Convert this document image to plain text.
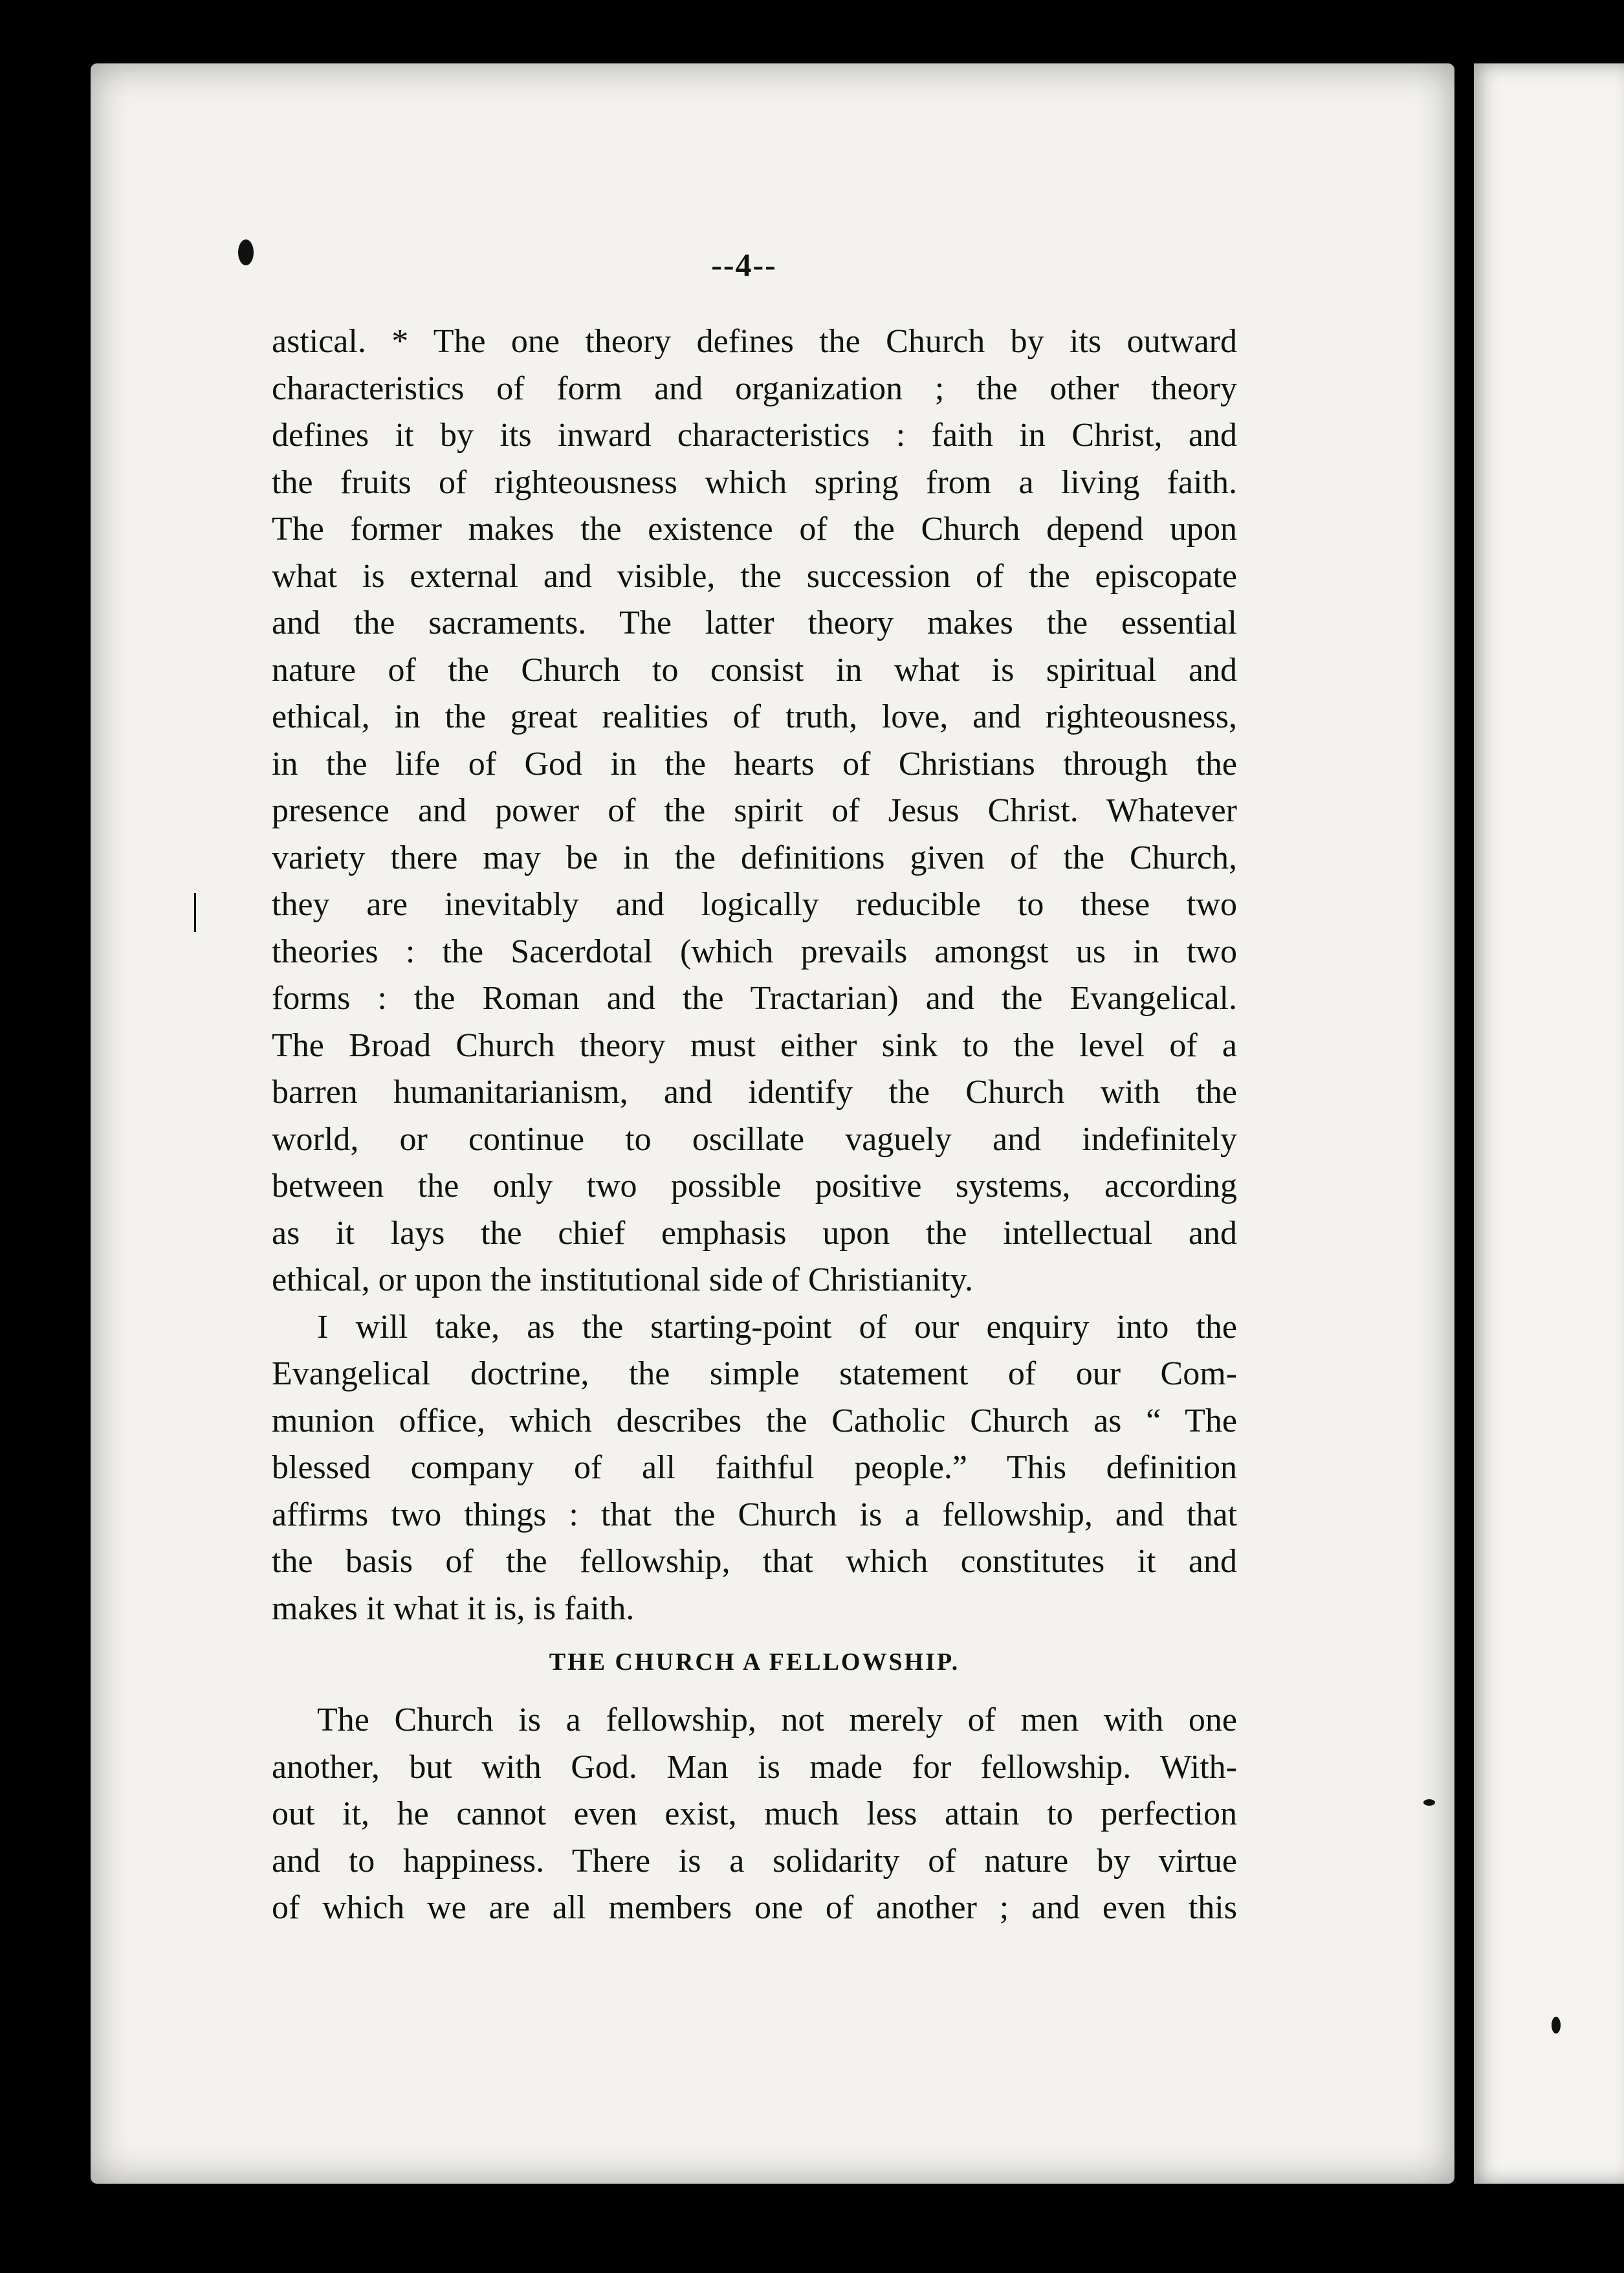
--4--
astical. * The one theory defines the Church by its outward
characteristics of form and organization ; the other theory
defines it by its inward characteristics : faith in Christ, and
the fruits of righteousness which spring from a living faith.
The former makes the existence of the Church depend upon
what is external and visible, the succession of the episcopate
and the sacraments. The latter theory makes the essential
nature of the Church to consist in what is spiritual and
ethical, in the great realities of truth, love, and righteousness,
in the life of God in the hearts of Christians through the
presence and power of the spirit of Jesus Christ. Whatever
variety there may be in the definitions given of the Church,
they are inevitably and logically reducible to these two
theories : the Sacerdotal (which prevails amongst us in two
forms : the Roman and the Tractarian) and the Evangelical.
The Broad Church theory must either sink to the level of a
barren humanitarianism, and identify the Church with the
world, or continue to oscillate vaguely and indefinitely
between the only two possible positive systems, according
as it lays the chief emphasis upon the intellectual and
ethical, or upon the institutional side of Christianity.
I will take, as the starting-point of our enquiry into the
Evangelical doctrine, the simple statement of our Com-
munion office, which describes the Catholic Church as “ The
blessed company of all faithful people.” This definition
affirms two things : that the Church is a fellowship, and that
the basis of the fellowship, that which constitutes it and
makes it what it is, is faith.
THE CHURCH A FELLOWSHIP.
The Church is a fellowship, not merely of men with one
another, but with God. Man is made for fellowship. With-
out it, he cannot even exist, much less attain to perfection
and to happiness. There is a solidarity of nature by virtue
of which we are all members one of another ; and even this
